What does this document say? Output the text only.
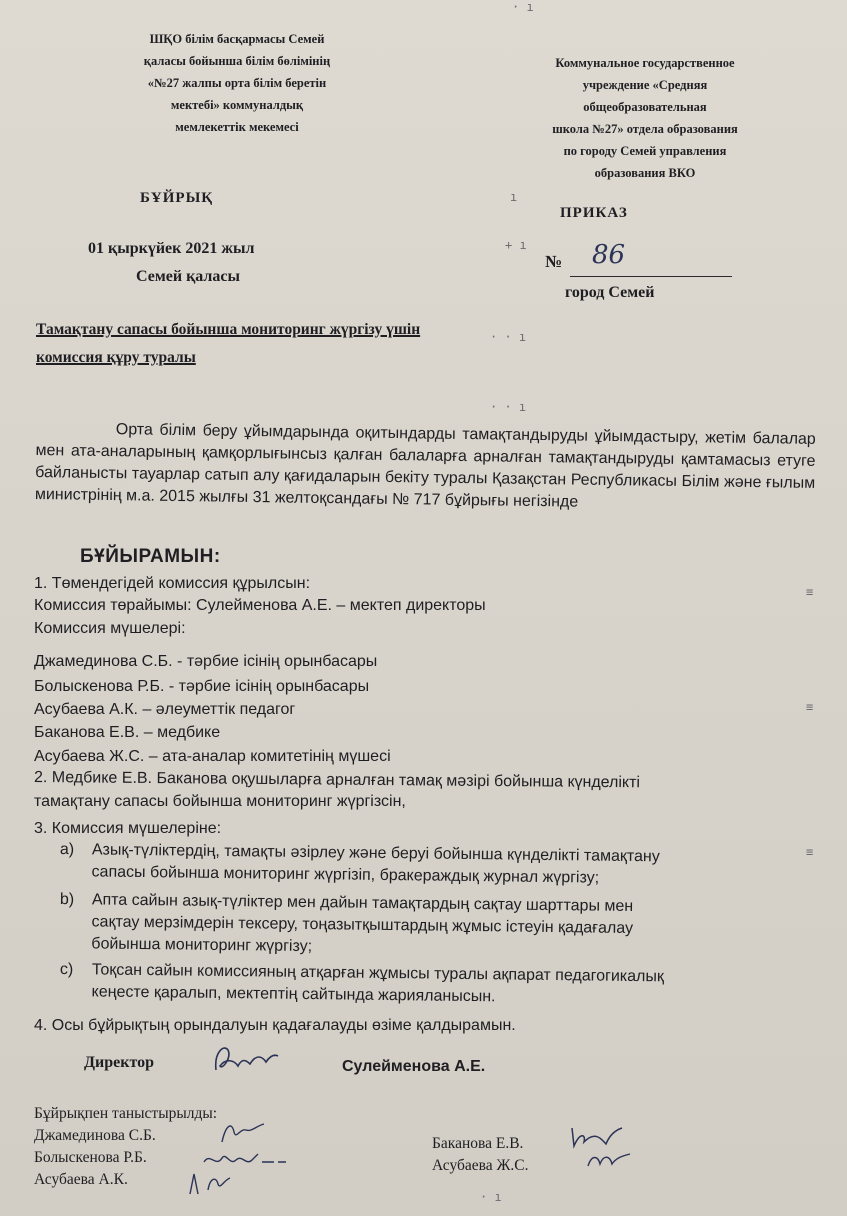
ШҚО білім басқармасы Семей
қаласы бойынша білім бөлімінің
«№27 жалпы орта білім беретін
мектебі» коммуналдық
мемлекеттік мекемесі
Коммунальное государственное
учреждение «Средняя
общеобразовательная
школа №27» отдела образования
по городу Семей управления
образования ВКО
БҰЙРЫҚ
ПРИКАЗ
01 қыркүйек 2021 жыл
Семей қаласы
№ 86
город Семей
Тамақтану сапасы бойынша мониторинг жүргізу үшін
комиссия құру туралы
Орта білім беру ұйымдарында оқитындарды тамақтандыруды ұйымдастыру, жетім балалар мен ата-аналарының қамқорлығынсыз қалған балаларға арналған тамақтандыруды қамтамасыз етуге байланысты тауарлар сатып алу қағидаларын бекіту туралы Қазақстан Республикасы Білім және ғылым министрінің м.а. 2015 жылғы 31 желтоқсандағы № 717 бұйрығы негізінде
БҰЙЫРАМЫН:
1. Төмендегідей комиссия құрылсын:
Комиссия төрайымы: Сулейменова А.Е. – мектеп директоры
Комиссия мүшелері:
Джамединова С.Б. - тәрбие ісінің орынбасары
Болыскенова Р.Б. - тәрбие ісінің орынбасары
Асубаева А.К. – әлеуметтік педагог
Баканова Е.В. – медбике
Асубаева Ж.С. – ата-аналар комитетінің мүшесі
2. Медбике Е.В. Баканова оқушыларға арналған тамақ мәзірі бойынша күнделікті
тамақтану сапасы бойынша мониторинг жүргізсін,
3. Комиссия мүшелеріне:
a) Азық-түліктердің, тамақты әзірлеу және беруі бойынша күнделікті тамақтану
сапасы бойынша мониторинг жүргізіп, бракераждық журнал жүргізу;
b) Апта сайын азық-түліктер мен дайын тамақтардың сақтау шарттары мен
сақтау мерзімдерін тексеру, тоңазытқыштардың жұмыс істеуін қадағалау
бойынша мониторинг жүргізу;
c) Тоқсан сайын комиссияның атқарған жұмысы туралы ақпарат педагогикалық
кеңесте қаралып, мектептің сайтында жарияланысын.
4. Осы бұйрықтың орындалуын қадағалауды өзіме қалдырамын.
Директор	Сулейменова А.Е.
Бұйрықпен таныстырылды:
Джамединова С.Б.
Болыскенова Р.Б.
Асубаева А.К.
Баканова Е.В.
Асубаева Ж.С.
· ı
ı
+ ı
· · ı
· · ı
≡
≡
≡
· ı
